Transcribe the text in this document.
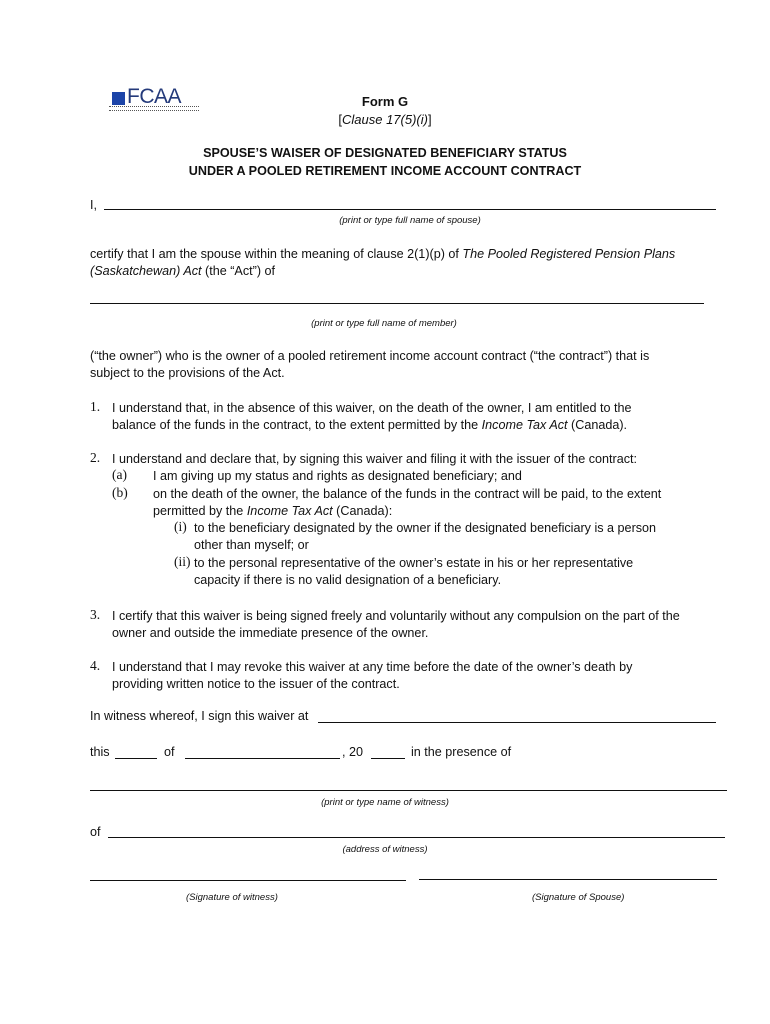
FCAA	Form G
[Clause 17(5)(i)]
SPOUSE’S WAISER OF DESIGNATED BENEFICIARY STATUS
UNDER A POOLED RETIREMENT INCOME ACCOUNT CONTRACT
I,
(print or type full name of spouse)
certify that I am the spouse within the meaning of clause 2(1)(p) of The Pooled Registered Pension Plans (Saskatchewan) Act (the “Act”) of
(print or type full name of member)
(“the owner”) who is the owner of a pooled retirement income account contract (“the contract”) that is subject to the provisions of the Act.
1. I understand that, in the absence of this waiver, on the death of the owner, I am entitled to the balance of the funds in the contract, to the extent permitted by the Income Tax Act (Canada).
2. I understand and declare that, by signing this waiver and filing it with the issuer of the contract:
(a) I am giving up my status and rights as designated beneficiary; and
(b) on the death of the owner, the balance of the funds in the contract will be paid, to the extent permitted by the Income Tax Act (Canada):
(i) to the beneficiary designated by the owner if the designated beneficiary is a person other than myself; or
(ii) to the personal representative of the owner’s estate in his or her representative capacity if there is no valid designation of a beneficiary.
3. I certify that this waiver is being signed freely and voluntarily without any compulsion on the part of the owner and outside the immediate presence of the owner.
4. I understand that I may revoke this waiver at any time before the date of the owner’s death by providing written notice to the issuer of the contract.
In witness whereof, I sign this waiver at
this	of	, 20	in the presence of
(print or type name of witness)
of
(address of witness)
(Signature of witness)	(Signature of Spouse)
